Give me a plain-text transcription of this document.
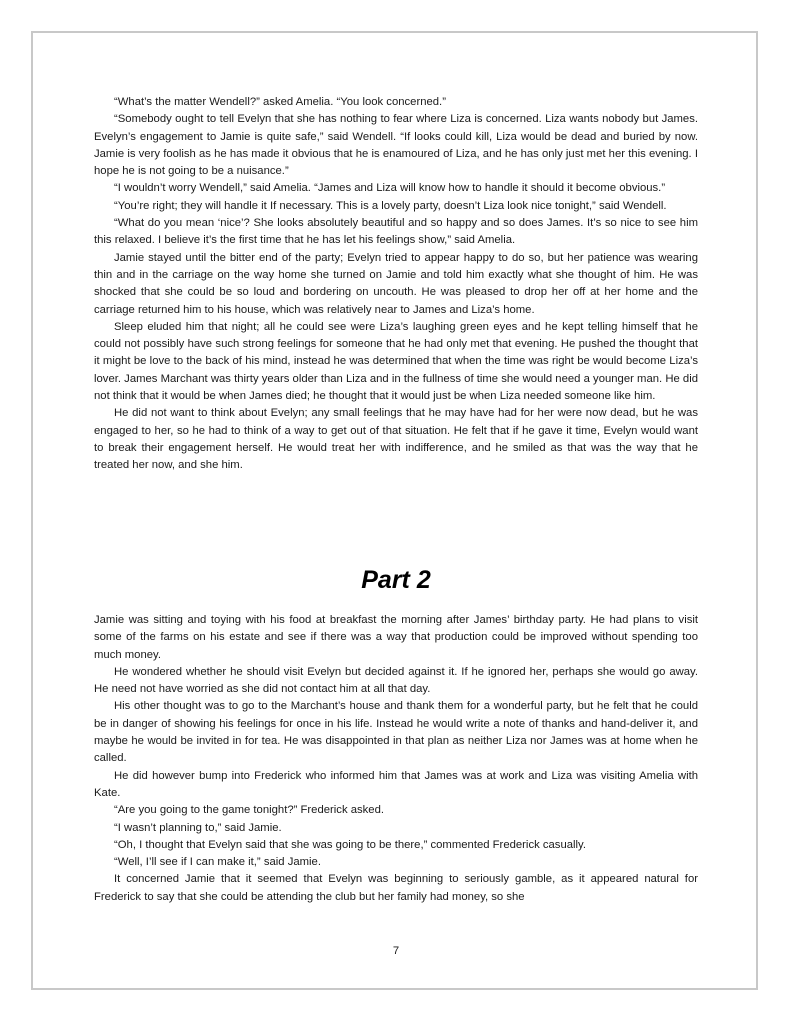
“What’s the matter Wendell?” asked Amelia. “You look concerned.”

“Somebody ought to tell Evelyn that she has nothing to fear where Liza is concerned. Liza wants nobody but James. Evelyn’s engagement to Jamie is quite safe,” said Wendell. “If looks could kill, Liza would be dead and buried by now. Jamie is very foolish as he has made it obvious that he is enamoured of Liza, and he has only just met her this evening. I hope he is not going to be a nuisance.”

“I wouldn’t worry Wendell,” said Amelia. “James and Liza will know how to handle it should it become obvious.”

“You’re right; they will handle it If necessary. This is a lovely party, doesn’t Liza look nice tonight,” said Wendell.

“What do you mean ‘nice’? She looks absolutely beautiful and so happy and so does James. It’s so nice to see him this relaxed. I believe it’s the first time that he has let his feelings show,” said Amelia.

Jamie stayed until the bitter end of the party; Evelyn tried to appear happy to do so, but her patience was wearing thin and in the carriage on the way home she turned on Jamie and told him exactly what she thought of him. He was shocked that she could be so loud and bordering on uncouth. He was pleased to drop her off at her home and the carriage returned him to his house, which was relatively near to James and Liza’s home.

Sleep eluded him that night; all he could see were Liza’s laughing green eyes and he kept telling himself that he could not possibly have such strong feelings for someone that he had only met that evening. He pushed the thought that it might be love to the back of his mind, instead he was determined that when the time was right be would become Liza’s lover. James Marchant was thirty years older than Liza and in the fullness of time she would need a younger man. He did not think that it would be when James died; he thought that it would just be when Liza needed someone like him.

He did not want to think about Evelyn; any small feelings that he may have had for her were now dead, but he was engaged to her, so he had to think of a way to get out of that situation. He felt that if he gave it time, Evelyn would want to break their engagement herself. He would treat her with indifference, and he smiled as that was the way that he treated her now, and she him.

Part 2

Jamie was sitting and toying with his food at breakfast the morning after James’ birthday party. He had plans to visit some of the farms on his estate and see if there was a way that production could be improved without spending too much money.

He wondered whether he should visit Evelyn but decided against it. If he ignored her, perhaps she would go away. He need not have worried as she did not contact him at all that day.

His other thought was to go to the Marchant’s house and thank them for a wonderful party, but he felt that he could be in danger of showing his feelings for once in his life. Instead he would write a note of thanks and hand-deliver it, and maybe he would be invited in for tea. He was disappointed in that plan as neither Liza nor James was at home when he called.

He did however bump into Frederick who informed him that James was at work and Liza was visiting Amelia with Kate.

“Are you going to the game tonight?” Frederick asked.

“I wasn’t planning to,” said Jamie.

“Oh, I thought that Evelyn said that she was going to be there,” commented Frederick casually.

“Well, I’ll see if I can make it,” said Jamie.

It concerned Jamie that it seemed that Evelyn was beginning to seriously gamble, as it appeared natural for Frederick to say that she could be attending the club but her family had money, so she

7
